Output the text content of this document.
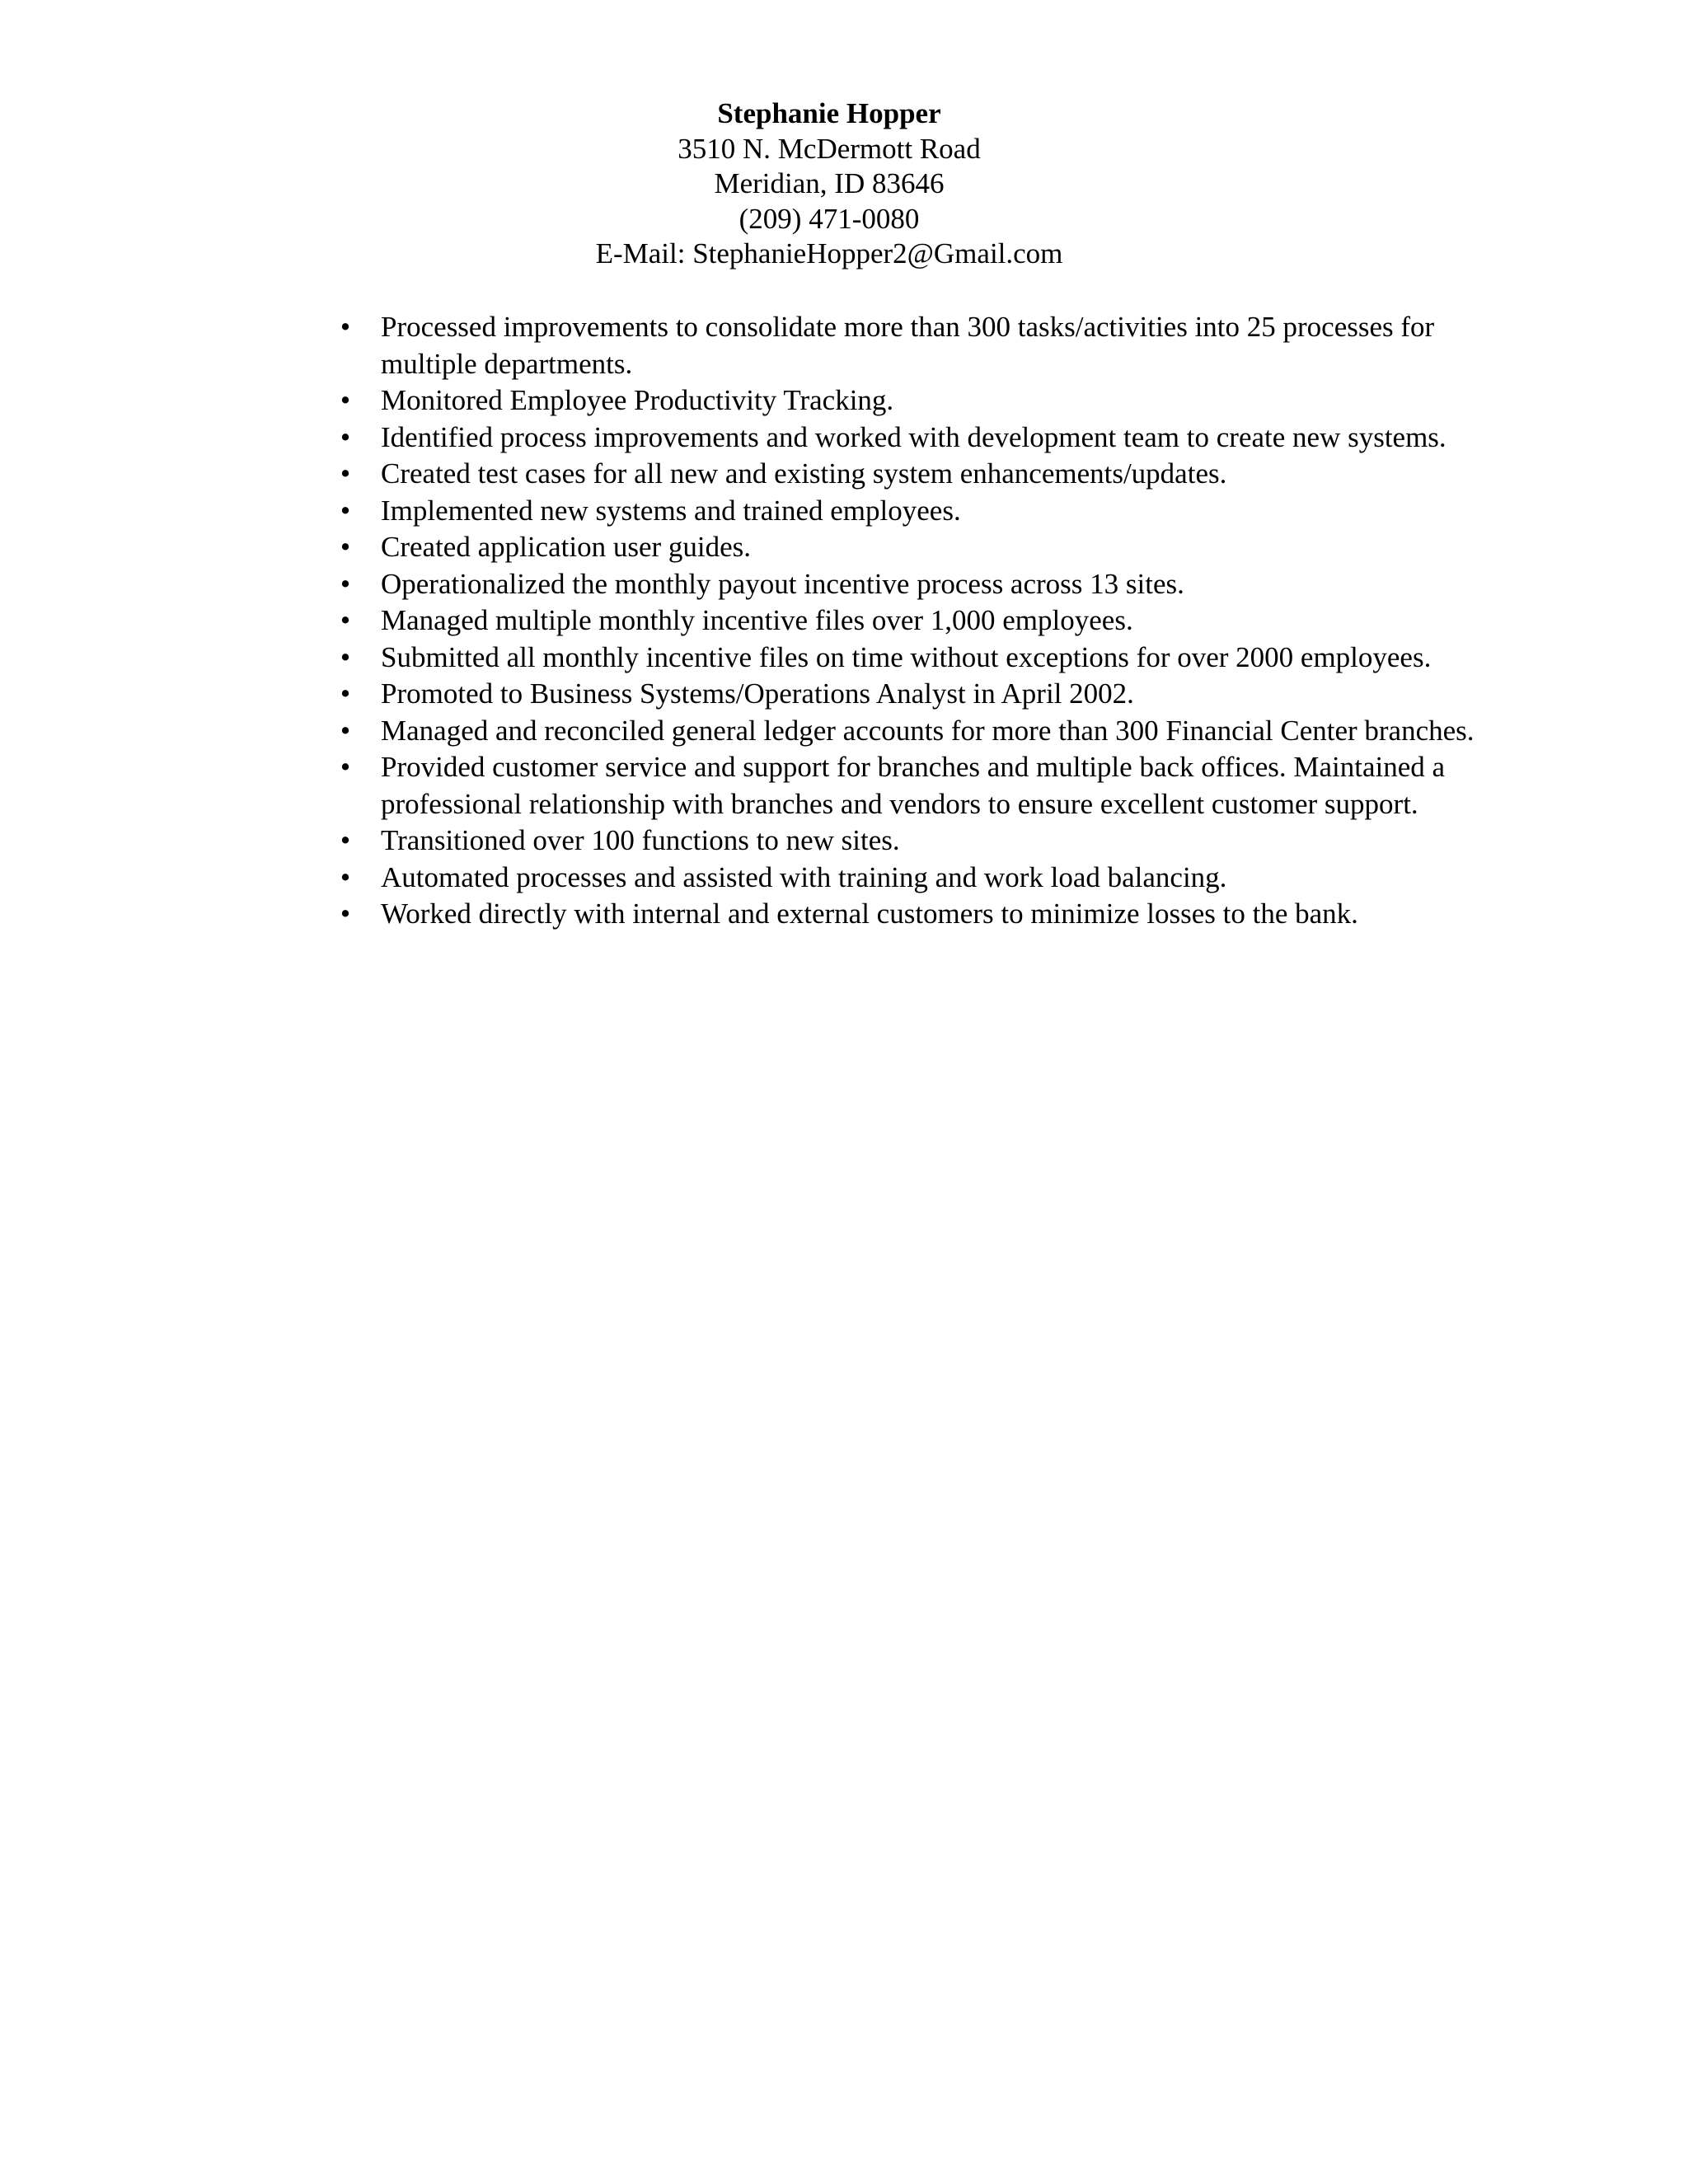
Stephanie Hopper
3510 N. McDermott Road
Meridian, ID 83646
(209) 471-0080
E-Mail: StephanieHopper2@Gmail.com
•
Processed improvements to consolidate more than 300 tasks/activities into 25 processes for multiple departments.
•
Monitored Employee Productivity Tracking.
•
Identified process improvements and worked with development team to create new systems.
•
Created test cases for all new and existing system enhancements/updates.
•
Implemented new systems and trained employees.
•
Created application user guides.
•
Operationalized the monthly payout incentive process across 13 sites.
•
Managed multiple monthly incentive files over 1,000 employees.
•
Submitted all monthly incentive files on time without exceptions for over 2000 employees.
•
Promoted to Business Systems/Operations Analyst in April 2002.
•
Managed and reconciled general ledger accounts for more than 300 Financial Center branches.
•
Provided customer service and support for branches and multiple back offices. Maintained a professional relationship with branches and vendors to ensure excellent customer support.
•
Transitioned over 100 functions to new sites.
•
Automated processes and assisted with training and work load balancing.
•
Worked directly with internal and external customers to minimize losses to the bank.
